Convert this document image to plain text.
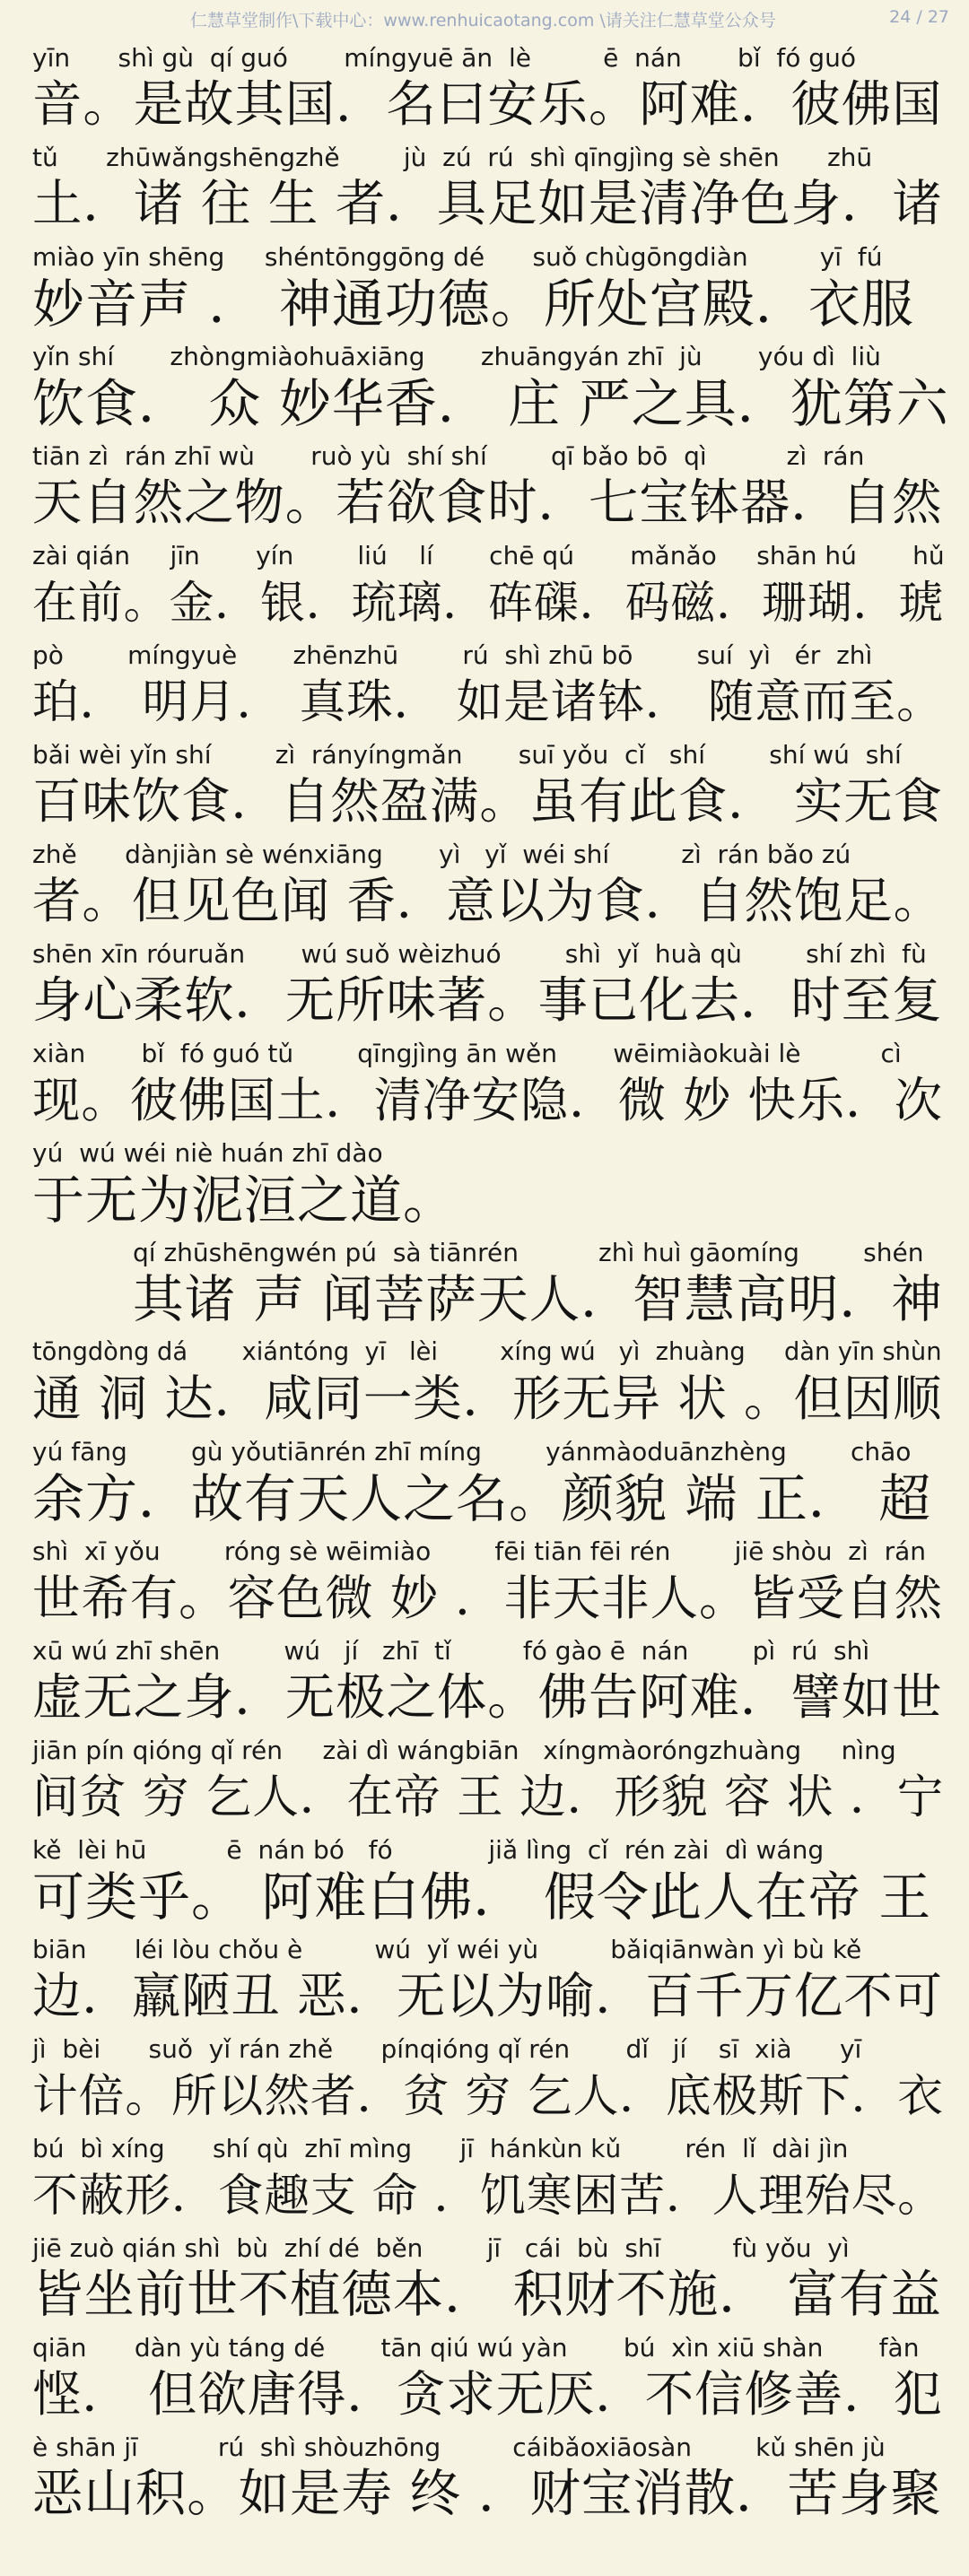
仁慧草堂制作\下载中心：www.renhuicaotang.com \请关注仁慧草堂公众号	24 / 27
yīn      shì gù  qí guó       míngyuē ān  lè         ē  nán       bǐ  fó guó
音。是故其国．名曰安乐。阿难．彼佛国
tǔ      zhūwǎngshēngzhě        jù  zú  rú  shì qīngjìng sè shēn      zhū
土．诸 往 生 者．具足如是清净色身．诸
miào yīn shēng     shéntōnggōng dé      suǒ chùgōngdiàn         yī  fú
妙音声 ． 神通功德。所处宫殿．衣服
yǐn shí       zhòngmiàohuāxiāng       zhuāngyán zhī  jù       yóu dì  liù
饮食． 众 妙华香． 庄 严之具．犹第六
tiān zì  rán zhī wù       ruò yù  shí shí        qī bǎo bō  qì          zì  rán
天自然之物。若欲食时．七宝钵器．自然
zài qián     jīn       yín        liú    lí       chē qú       mǎnǎo     shān hú       hǔ
在前。金．银．琉璃．砗磲．码磁．珊瑚．琥
pò        míngyuè       zhēnzhū        rú  shì zhū bō        suí  yì   ér  zhì
珀． 明月． 真珠． 如是诸钵． 随意而至。
bǎi wèi yǐn shí        zì  rányíngmǎn       suī yǒu  cǐ   shí        shí wú  shí
百味饮食．自然盈满。虽有此食． 实无食
zhě      dànjiàn sè wénxiāng       yì   yǐ  wéi shí         zì  rán bǎo zú
者。但见色闻 香．意以为食．自然饱足。
shēn xīn róuruǎn       wú suǒ wèizhuó        shì  yǐ  huà qù        shí zhì  fù
身心柔软．无所味著。事已化去．时至复
xiàn       bǐ  fó guó tǔ        qīngjìng ān wěn       wēimiàokuài lè          cì
现。彼佛国土．清净安隐．微 妙 快乐．次
yú  wú wéi niè huán zhī dào
于无为泥洹之道。
qí zhūshēngwén pú  sà tiānrén          zhì huì gāomíng        shén
其诸 声 闻菩萨天人．智慧高明．神
tōngdòng dá       xiántóng  yī   lèi        xíng wú   yì  zhuàng     dàn yīn shùn
通 洞 达．咸同一类．形无异 状 。但因顺
yú fāng        gù yǒutiānrén zhī míng        yánmàoduānzhèng        chāo
余方．故有天人之名。颜貌 端 正． 超
shì  xī yǒu        róng sè wēimiào        fēi tiān fēi rén        jiē shòu  zì  rán
世希有。容色微 妙 ．非天非人。皆受自然
xū wú zhī shēn        wú   jí   zhī  tǐ         fó gào ē  nán        pì  rú  shì
虚无之身．无极之体。佛告阿难．譬如世
jiān pín qióng qǐ rén     zài dì wángbiān   xíngmàoróngzhuàng     nìng
间贫 穷 乞人．在帝 王 边．形貌 容 状 ．宁
kě  lèi hū          ē  nán bó   fó            jiǎ lìng  cǐ  rén zài  dì wáng
可类乎。 阿难白佛． 假令此人在帝 王
biān      léi lòu chǒu è         wú  yǐ wéi yù         bǎiqiānwàn yì bù kě
边．羸陋丑 恶．无以为喻．百千万亿不可
jì  bèi      suǒ  yǐ rán zhě      pínqióng qǐ rén       dǐ   jí    sī  xià      yī
计倍。所以然者．贫 穷 乞人．底极斯下．衣
bú  bì xíng      shí qù  zhī mìng      jī  hánkùn kǔ        rén  lǐ  dài jìn
不蔽形．食趣支 命 ．饥寒困苦．人理殆尽。
jiē zuò qián shì  bù  zhí dé  běn        jī   cái  bù  shī         fù yǒu  yì
皆坐前世不植德本． 积财不施． 富有益
qiān      dàn yù táng dé       tān qiú wú yàn       bú  xìn xiū shàn       fàn
悭． 但欲唐得．贪求无厌．不信修善．犯
è shān jī          rú  shì shòuzhōng         cáibǎoxiāosàn        kǔ shēn jù
恶山积。如是寿 终 ．财宝消散．苦身聚
